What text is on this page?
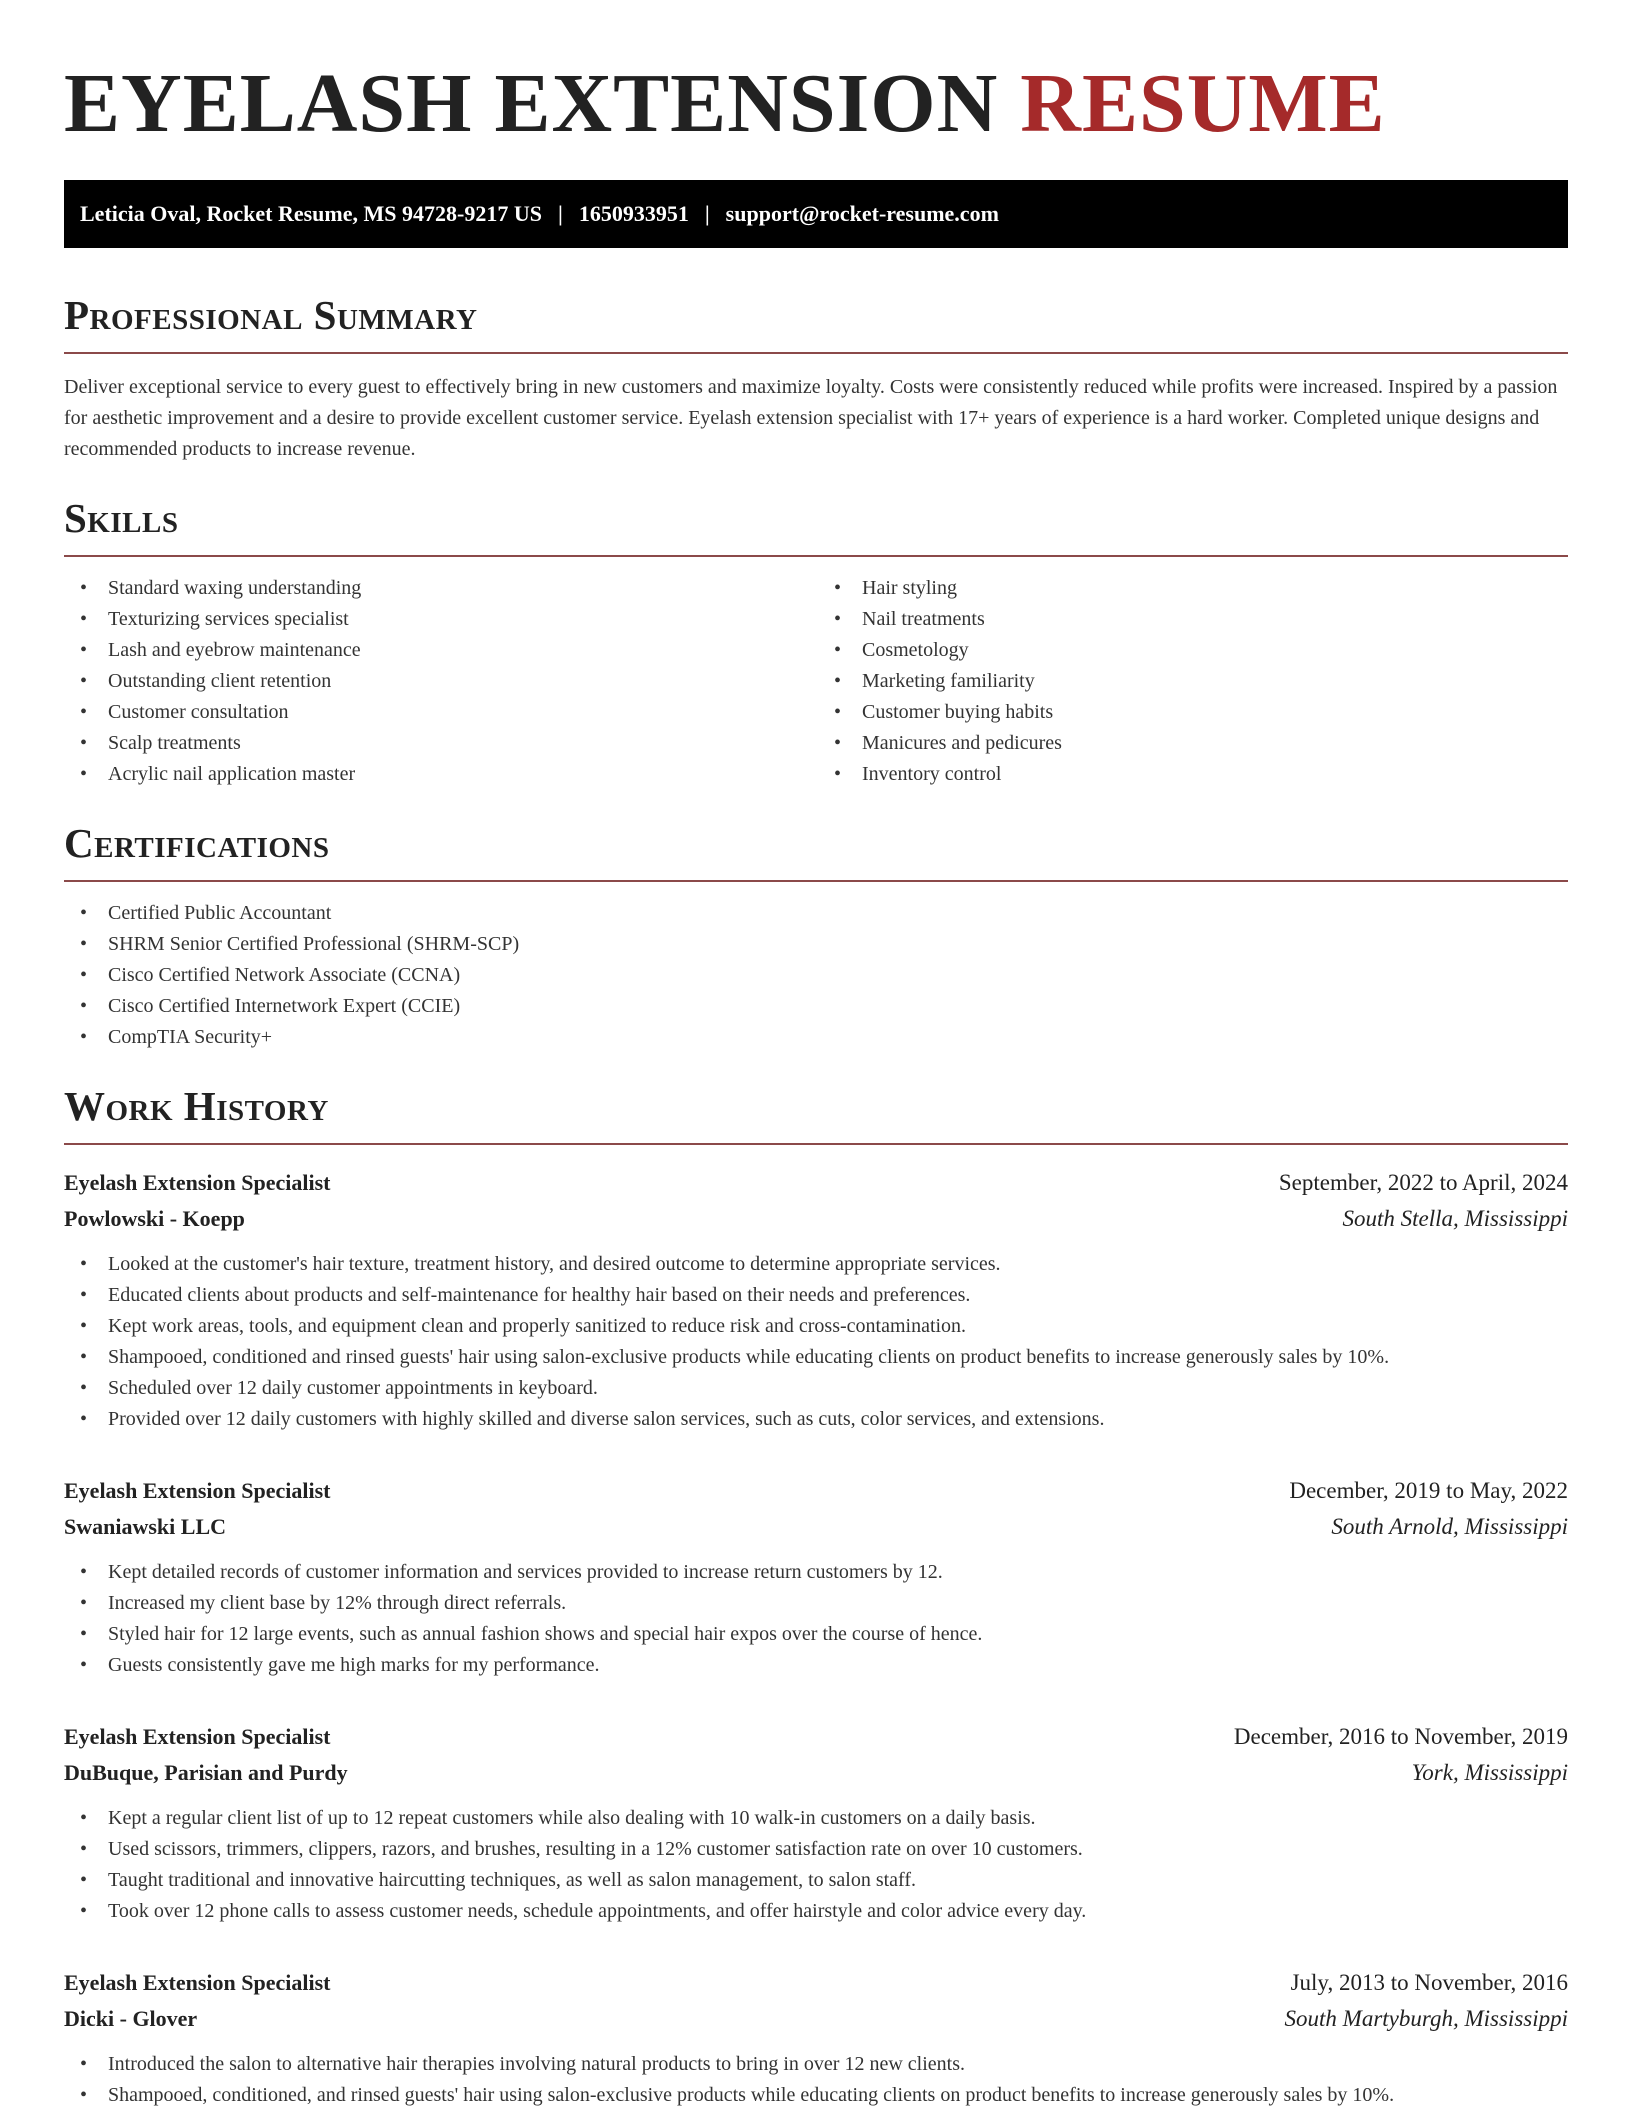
EYELASH EXTENSION RESUME
Leticia Oval, Rocket Resume, MS 94728-9217 US | 1650933951 | support@rocket-resume.com
Professional Summary

Deliver exceptional service to every guest to effectively bring in new customers and maximize loyalty. Costs were consistently reduced while profits were increased. Inspired by a passion for aesthetic improvement and a desire to provide excellent customer service. Eyelash extension specialist with 17+ years of experience is a hard worker. Completed unique designs and recommended products to increase revenue.

Skills
• Standard waxing understanding
• Texturizing services specialist
• Lash and eyebrow maintenance
• Outstanding client retention
• Customer consultation
• Scalp treatments
• Acrylic nail application master
• Hair styling
• Nail treatments
• Cosmetology
• Marketing familiarity
• Customer buying habits
• Manicures and pedicures
• Inventory control
Certifications
• Certified Public Accountant
• SHRM Senior Certified Professional (SHRM-SCP)
• Cisco Certified Network Associate (CCNA)
• Cisco Certified Internetwork Expert (CCIE)
• CompTIA Security+
Work History
Eyelash Extension Specialist	September, 2022 to April, 2024
Powlowski - Koepp	South Stella, Mississippi
• Looked at the customer's hair texture, treatment history, and desired outcome to determine appropriate services.
• Educated clients about products and self-maintenance for healthy hair based on their needs and preferences.
• Kept work areas, tools, and equipment clean and properly sanitized to reduce risk and cross-contamination.
• Shampooed, conditioned and rinsed guests' hair using salon-exclusive products while educating clients on product benefits to increase generously sales by 10%.
• Scheduled over 12 daily customer appointments in keyboard.
• Provided over 12 daily customers with highly skilled and diverse salon services, such as cuts, color services, and extensions.
Eyelash Extension Specialist	December, 2019 to May, 2022
Swaniawski LLC	South Arnold, Mississippi
• Kept detailed records of customer information and services provided to increase return customers by 12.
• Increased my client base by 12% through direct referrals.
• Styled hair for 12 large events, such as annual fashion shows and special hair expos over the course of hence.
• Guests consistently gave me high marks for my performance.
Eyelash Extension Specialist	December, 2016 to November, 2019
DuBuque, Parisian and Purdy	York, Mississippi
• Kept a regular client list of up to 12 repeat customers while also dealing with 10 walk-in customers on a daily basis.
• Used scissors, trimmers, clippers, razors, and brushes, resulting in a 12% customer satisfaction rate on over 10 customers.
• Taught traditional and innovative haircutting techniques, as well as salon management, to salon staff.
• Took over 12 phone calls to assess customer needs, schedule appointments, and offer hairstyle and color advice every day.
Eyelash Extension Specialist	July, 2013 to November, 2016
Dicki - Glover	South Martyburgh, Mississippi
• Introduced the salon to alternative hair therapies involving natural products to bring in over 12 new clients.
• Shampooed, conditioned, and rinsed guests' hair using salon-exclusive products while educating clients on product benefits to increase generously sales by 10%.
